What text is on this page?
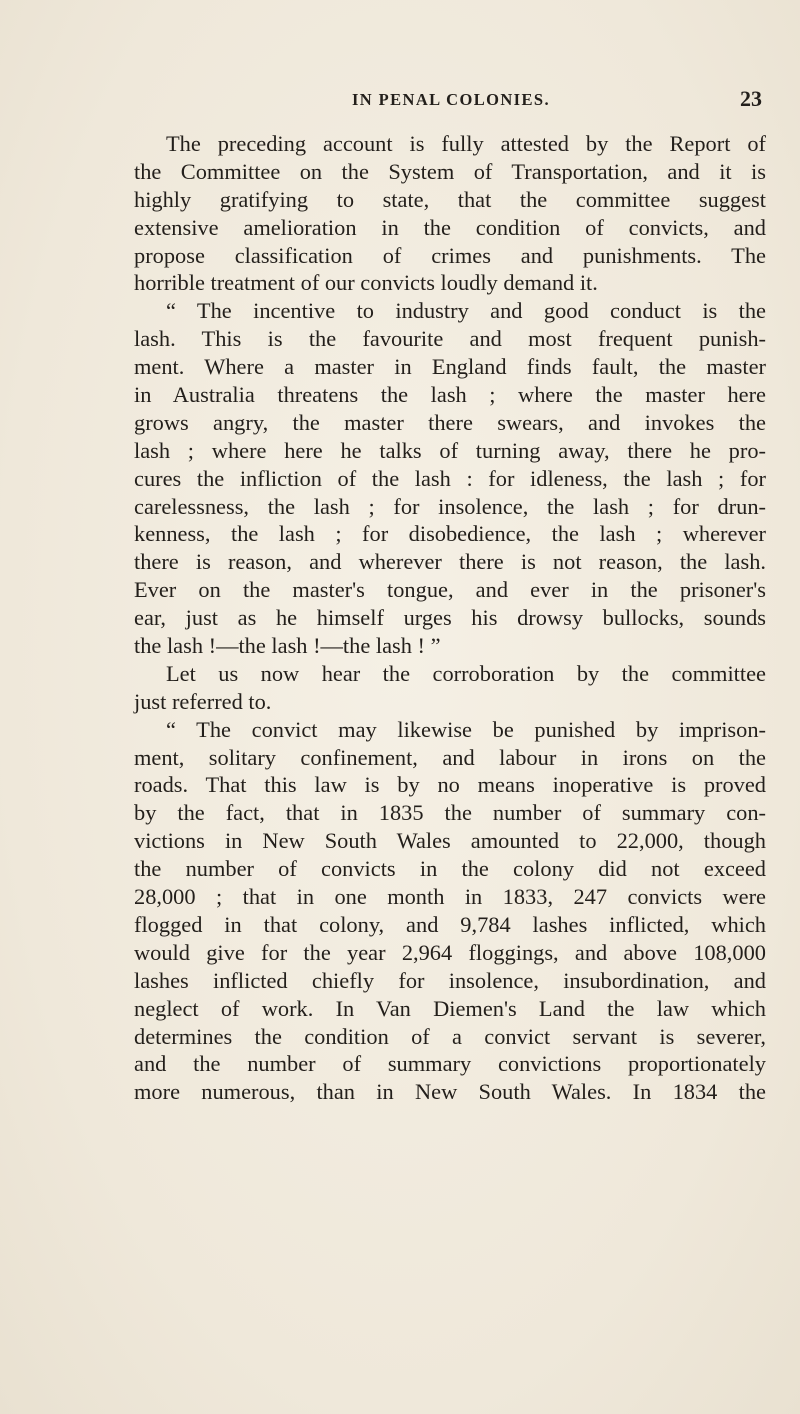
IN PENAL COLONIES.	23
The preceding account is fully attested by the Report of
the Committee on the System of Transportation, and it is
highly gratifying to state, that the committee suggest
extensive amelioration in the condition of convicts, and
propose classification of crimes and punishments. The
horrible treatment of our convicts loudly demand it.
“ The incentive to industry and good conduct is the
lash. This is the favourite and most frequent punish-
ment. Where a master in England finds fault, the master
in Australia threatens the lash ; where the master here
grows angry, the master there swears, and invokes the
lash ; where here he talks of turning away, there he pro-
cures the infliction of the lash : for idleness, the lash ; for
carelessness, the lash ; for insolence, the lash ; for drun-
kenness, the lash ; for disobedience, the lash ; wherever
there is reason, and wherever there is not reason, the lash.
Ever on the master's tongue, and ever in the prisoner's
ear, just as he himself urges his drowsy bullocks, sounds
the lash !—the lash !—the lash ! ”
Let us now hear the corroboration by the committee
just referred to.
“ The convict may likewise be punished by imprison-
ment, solitary confinement, and labour in irons on the
roads. That this law is by no means inoperative is proved
by the fact, that in 1835 the number of summary con-
victions in New South Wales amounted to 22,000, though
the number of convicts in the colony did not exceed
28,000 ; that in one month in 1833, 247 convicts were
flogged in that colony, and 9,784 lashes inflicted, which
would give for the year 2,964 floggings, and above 108,000
lashes inflicted chiefly for insolence, insubordination, and
neglect of work. In Van Diemen's Land the law which
determines the condition of a convict servant is severer,
and the number of summary convictions proportionately
more numerous, than in New South Wales. In 1834 the
